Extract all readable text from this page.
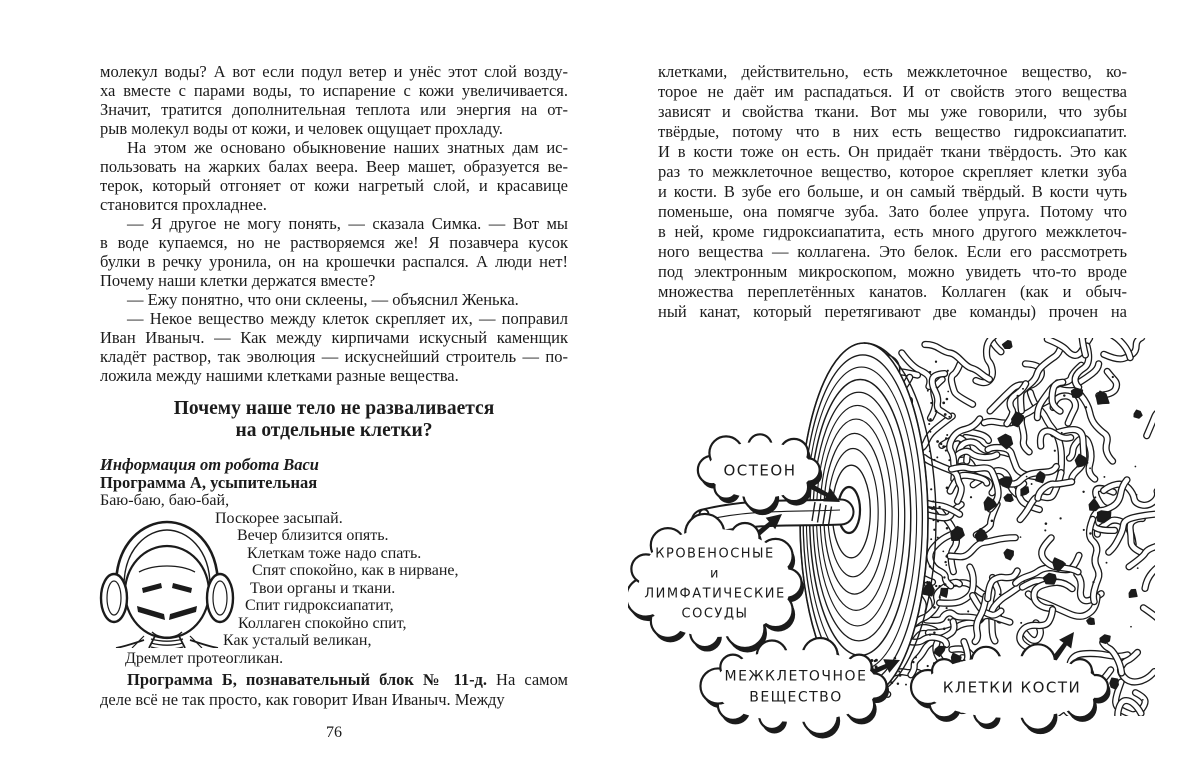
молекул воды? А вот если подул ветер и унёс этот слой возду-
ха вместе с парами воды, то испарение с кожи увеличивается.
Значит, тратится дополнительная теплота или энергия на от-
рыв молекул воды от кожи, и человек ощущает прохладу.
На этом же основано обыкновение наших знатных дам ис-
пользовать на жарких балах веера. Веер машет, образуется ве-
терок, который отгоняет от кожи нагретый слой, и красавице
становится прохладнее.
— Я другое не могу понять, — сказала Симка. — Вот мы
в воде купаемся, но не растворяемся же! Я позавчера кусок
булки в речку уронила, он на крошечки распался. А люди нет!
Почему наши клетки держатся вместе?
— Ежу понятно, что они склеены, — объяснил Женька.
— Некое вещество между клеток скрепляет их, — поправил
Иван Иваныч. — Как между кирпичами искусный каменщик
кладёт раствор, так эволюция — искуснейший строитель — по-
ложила между нашими клетками разные вещества.
Почему наше тело не разваливается
на отдельные клетки?
Информация от робота Васи
Программа А, усыпительная
Баю-баю, баю-бай,
Поскорее засыпай.
Вечер близится опять.
Клеткам тоже надо спать.
Спят спокойно, как в нирване,
Твои органы и ткани.
Спит гидроксиапатит,
Коллаген спокойно спит,
Как усталый великан,
Дремлет протеогликан.
Программа Б, познавательный блок № 11-д. На самом
деле всё не так просто, как говорит Иван Иваныч. Между
76
клетками, действительно, есть межклеточное вещество, ко-
торое не даёт им распадаться. И от свойств этого вещества
зависят и свойства ткани. Вот мы уже говорили, что зубы
твёрдые, потому что в них есть вещество гидроксиапатит.
И в кости тоже он есть. Он придаёт ткани твёрдость. Это как
раз то межклеточное вещество, которое скрепляет клетки зуба
и кости. В зубе его больше, и он самый твёрдый. В кости чуть
поменьше, она помягче зуба. Зато более упруга. Потому что
в ней, кроме гидроксиапатита, есть много другого межклеточ-
ного вещества — коллагена. Это белок. Если его рассмотреть
под электронным микроскопом, можно увидеть что-то вроде
множества переплетённых канатов. Коллаген (как и обыч-
ный канат, который перетягивают две команды) прочен на
ОСТЕОН
КРОВЕНОСНЫЕ
и
ЛИМФАТИЧЕСКИЕ
СОСУДЫ
МЕЖКЛЕТОЧНОЕ
ВЕЩЕСТВО
КЛЕТКИ КОСТИ
